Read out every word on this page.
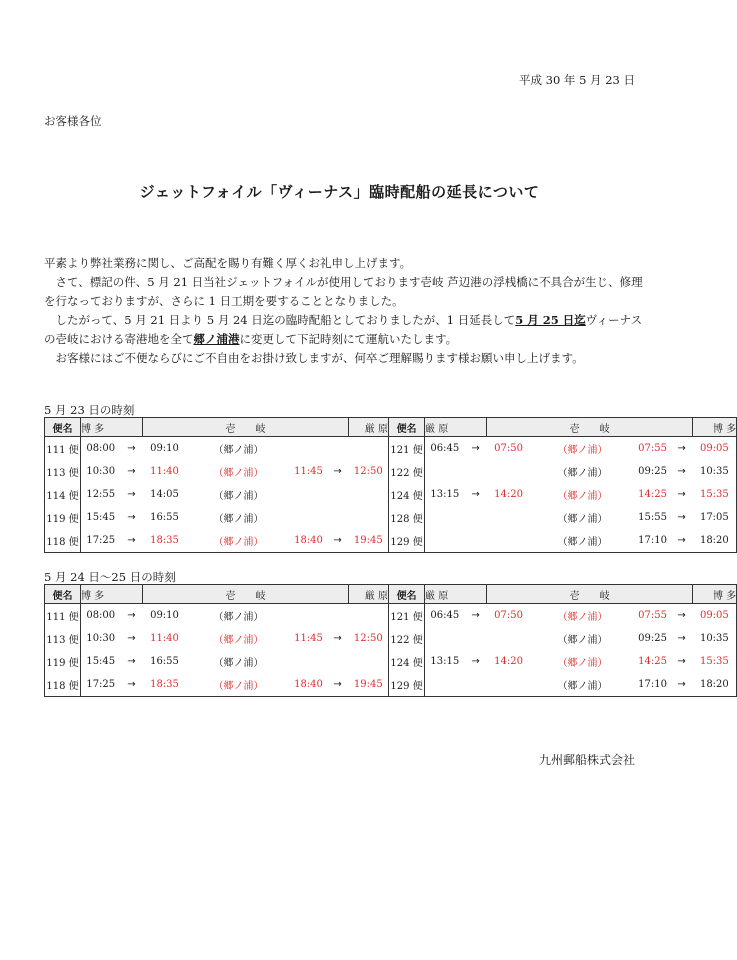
平成 30 年 5 月 23 日
お客様各位
ジェットフォイル「ヴィーナス」臨時配船の延長について

平素より弊社業務に関し、ご高配を賜り有難く厚くお礼申し上げます。

さて、標記の件、5 月 21 日当社ジェットフォイルが使用しております壱岐 芦辺港の浮桟橋に不具合が生じ、修理を行なっておりますが、さらに 1 日工期を要することとなりました。

したがって、5 月 21 日より 5 月 24 日迄の臨時配船としておりましたが、1 日延長して5 月 25 日迄ヴィーナスの壱岐における寄港地を全て郷ノ浦港に変更して下記時刻にて運航いたします。

お客様にはご不便ならびにご不自由をお掛け致しますが、何卒ご理解賜ります様お願い申し上げます。

5 月 23 日の時刻
便名	博 多		壱　　岐				厳 原	便名	厳 原		壱　　岐				博 多
111 便	08:00	→	09:10	（郷ノ浦）				121 便	06:45	→	07:50	（郷ノ浦）	07:55	→	09:05
113 便	10:30	→	11:40	（郷ノ浦）	11:45	→	12:50	122 便				（郷ノ浦）	09:25	→	10:35
114 便	12:55	→	14:05	（郷ノ浦）				124 便	13:15	→	14:20	（郷ノ浦）	14:25	→	15:35
119 便	15:45	→	16:55	（郷ノ浦）				128 便				（郷ノ浦）	15:55	→	17:05
118 便	17:25	→	18:35	（郷ノ浦）	18:40	→	19:45	129 便				（郷ノ浦）	17:10	→	18:20
5 月 24 日～25 日の時刻
便名	博 多		壱　　岐				厳 原	便名	厳 原		壱　　岐				博 多
111 便	08:00	→	09:10	（郷ノ浦）				121 便	06:45	→	07:50	（郷ノ浦）	07:55	→	09:05
113 便	10:30	→	11:40	（郷ノ浦）	11:45	→	12:50	122 便				（郷ノ浦）	09:25	→	10:35
119 便	15:45	→	16:55	（郷ノ浦）				124 便	13:15	→	14:20	（郷ノ浦）	14:25	→	15:35
118 便	17:25	→	18:35	（郷ノ浦）	18:40	→	19:45	129 便				（郷ノ浦）	17:10	→	18:20
九州郵船株式会社
